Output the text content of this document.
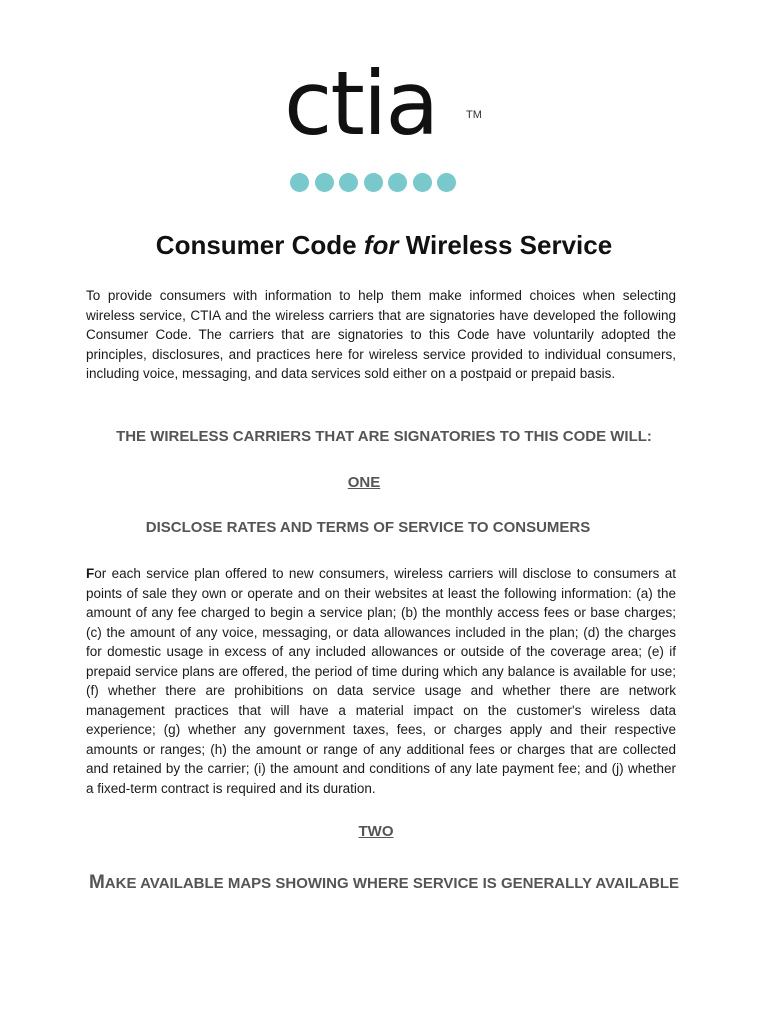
ctia	TM
Consumer Code for Wireless Service

To provide consumers with information to help them make informed choices when selecting wireless service, CTIA and the wireless carriers that are signatories have developed the following Consumer Code. The carriers that are signatories to this Code have voluntarily adopted the principles, disclosures, and practices here for wireless service provided to individual consumers, including voice, messaging, and data services sold either on a postpaid or prepaid basis.

THE WIRELESS CARRIERS THAT ARE SIGNATORIES TO THIS CODE WILL:
ONE
DISCLOSE RATES AND TERMS OF SERVICE TO CONSUMERS

For each service plan offered to new consumers, wireless carriers will disclose to consumers at points of sale they own or operate and on their websites at least the following information: (a) the amount of any fee charged to begin a service plan; (b) the monthly access fees or base charges; (c) the amount of any voice, messaging, or data allowances included in the plan; (d) the charges for domestic usage in excess of any included allowances or outside of the coverage area; (e) if prepaid service plans are offered, the period of time during which any balance is available for use; (f) whether there are prohibitions on data service usage and whether there are network management practices that will have a material impact on the customer's wireless data experience; (g) whether any government taxes, fees, or charges apply and their respective amounts or ranges; (h) the amount or range of any additional fees or charges that are collected and retained by the carrier; (i) the amount and conditions of any late payment fee; and (j) whether a fixed-term contract is required and its duration.

TWO
MAKE AVAILABLE MAPS SHOWING WHERE SERVICE IS GENERALLY AVAILABLE
